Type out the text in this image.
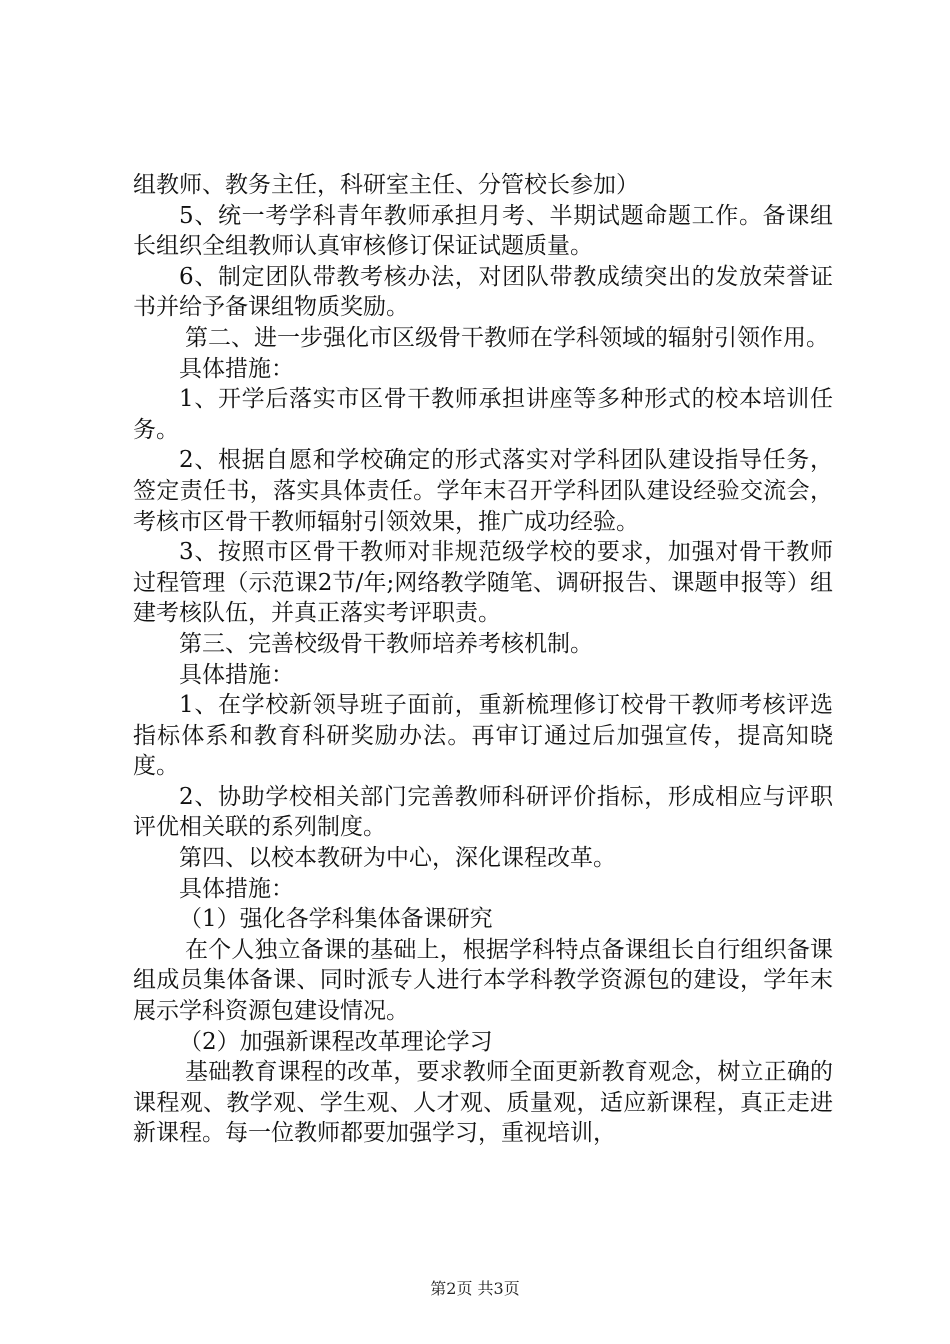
组教师、教务主任，科研室主任、分管校长参加）

5、统一考学科青年教师承担月考、半期试题命题工作。备课组长组织全组教师认真审核修订保证试题质量。

6、制定团队带教考核办法，对团队带教成绩突出的发放荣誉证书并给予备课组物质奖励。

第二、进一步强化市区级骨干教师在学科领域的辐射引领作用。

具体措施：

1、开学后落实市区骨干教师承担讲座等多种形式的校本培训任务。

2、根据自愿和学校确定的形式落实对学科团队建设指导任务，签定责任书，落实具体责任。学年末召开学科团队建设经验交流会，考核市区骨干教师辐射引领效果，推广成功经验。

3、按照市区骨干教师对非规范级学校的要求，加强对骨干教师过程管理（示范课2节/年;网络教学随笔、调研报告、课题申报等）组建考核队伍，并真正落实考评职责。

第三、完善校级骨干教师培养考核机制。

具体措施：

1、在学校新领导班子面前，重新梳理修订校骨干教师考核评选指标体系和教育科研奖励办法。再审订通过后加强宣传，提高知晓度。

2、协助学校相关部门完善教师科研评价指标，形成相应与评职评优相关联的系列制度。

第四、以校本教研为中心，深化课程改革。

具体措施：

（1）强化各学科集体备课研究

在个人独立备课的基础上，根据学科特点备课组长自行组织备课组成员集体备课、同时派专人进行本学科教学资源包的建设，学年末展示学科资源包建设情况。

（2）加强新课程改革理论学习

基础教育课程的改革，要求教师全面更新教育观念，树立正确的课程观、教学观、学生观、人才观、质量观，适应新课程，真正走进新课程。每一位教师都要加强学习，重视培训，

第2页 共3页
